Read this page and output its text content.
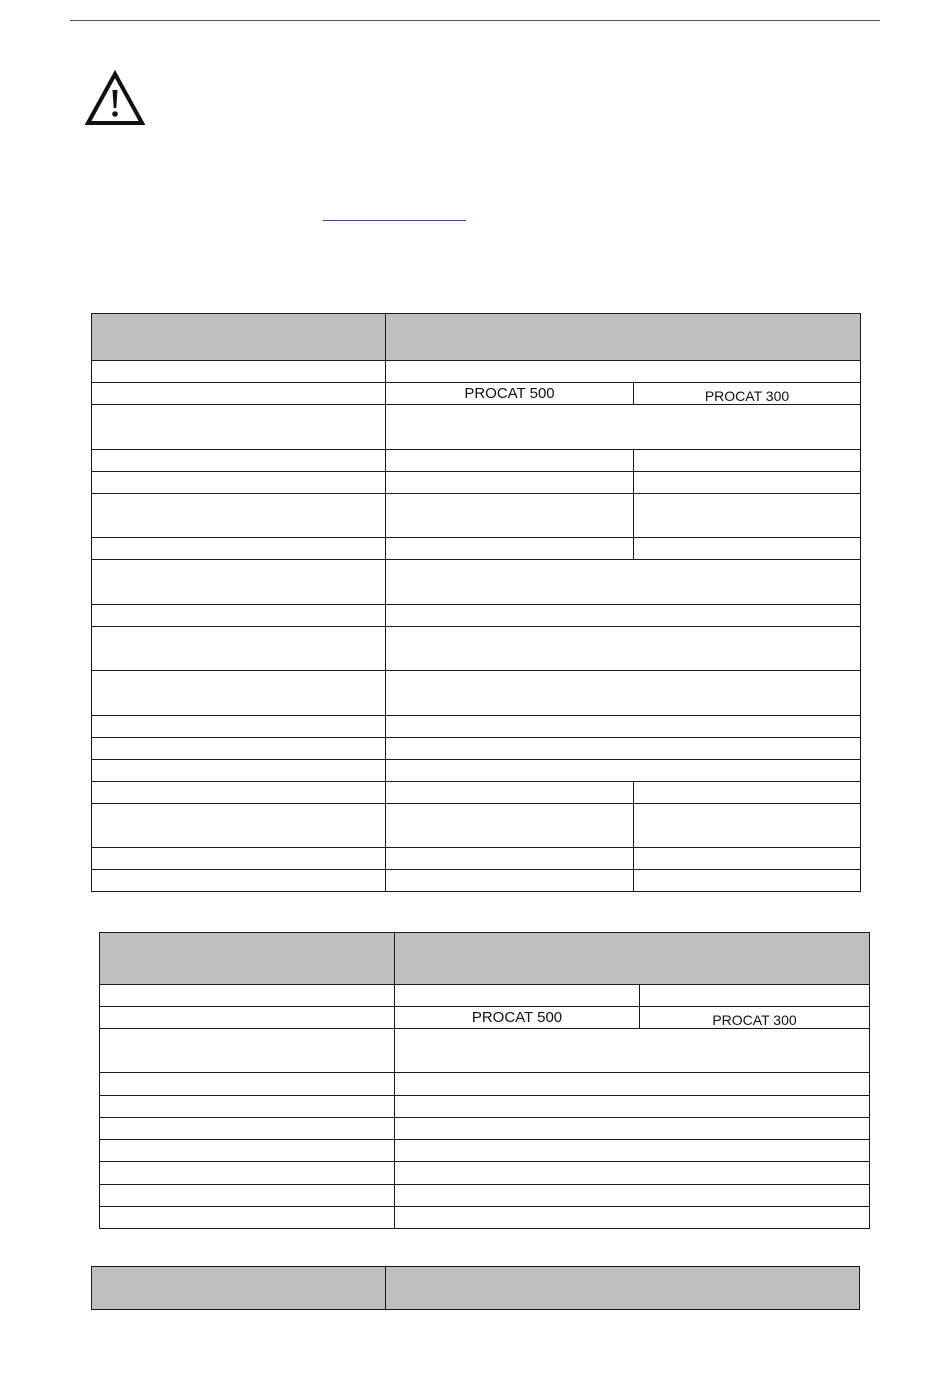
	PROCAT 500	PROCAT 300

	PROCAT 500	PROCAT 300
